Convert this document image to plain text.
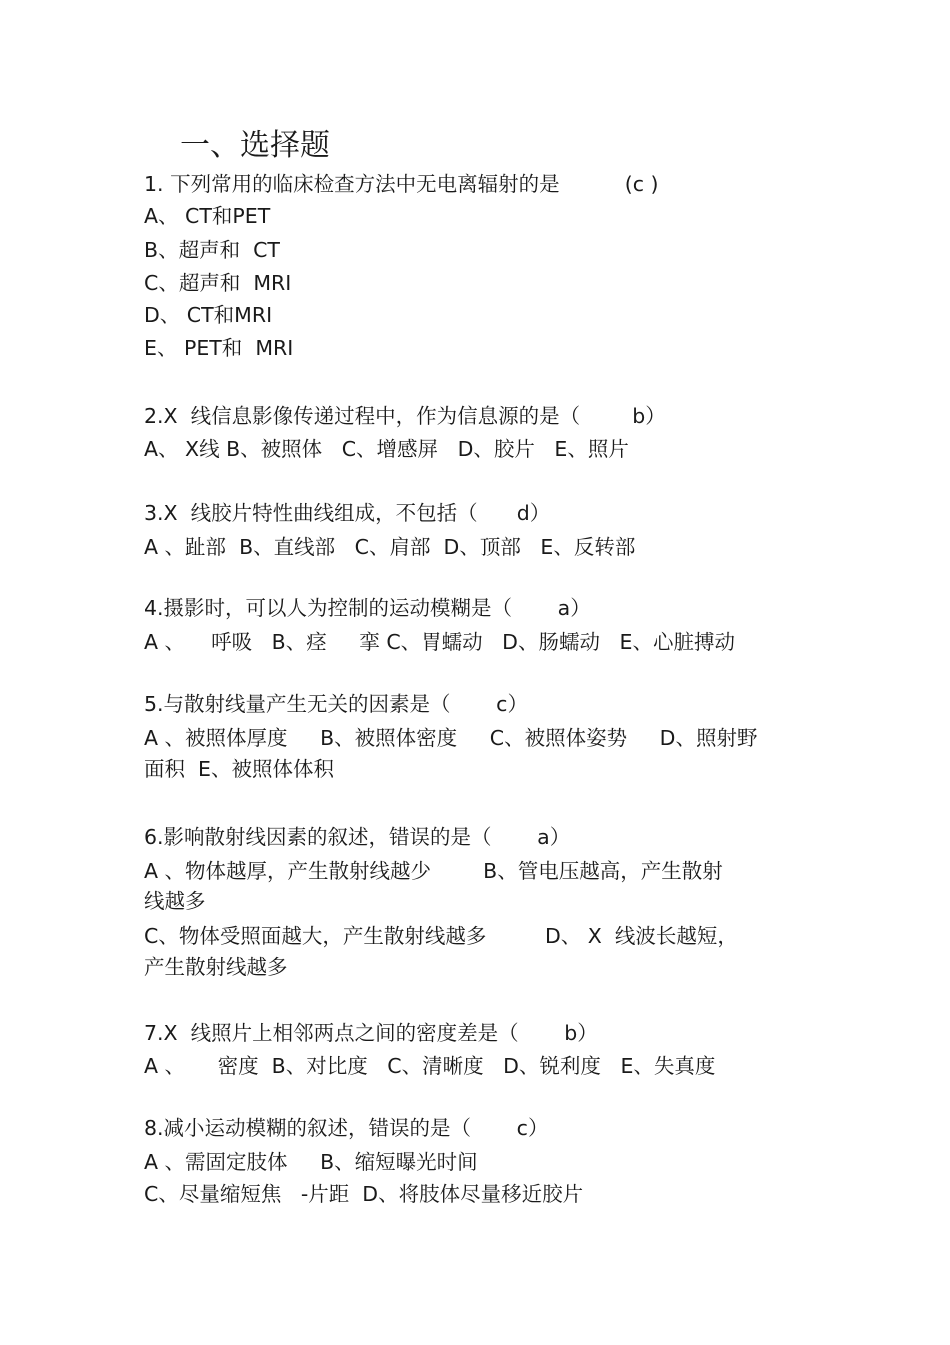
一、选择题
1. 下列常用的临床检查方法中无电离辐射的是          (c )
A、 CT和PET
B、超声和  CT
C、超声和  MRI
D、 CT和MRI
E、 PET和  MRI
2.X  线信息影像传递过程中，作为信息源的是（        b）
A、 X线 B、被照体   C、增感屏   D、胶片   E、照片
3.X  线胶片特性曲线组成，不包括（      d）
A 、趾部  B、直线部   C、肩部  D、顶部   E、反转部
4.摄影时，可以人为控制的运动模糊是（       a）
A 、    呼吸   B、痉     挛 C、胃蠕动   D、肠蠕动   E、心脏搏动
5.与散射线量产生无关的因素是（       c）
A 、被照体厚度     B、被照体密度     C、被照体姿势     D、照射野
面积  E、被照体体积
6.影响散射线因素的叙述，错误的是（       a）
A 、物体越厚，产生散射线越少        B、管电压越高，产生散射
线越多
C、物体受照面越大，产生散射线越多         D、 X  线波长越短，
产生散射线越多
7.X  线照片上相邻两点之间的密度差是（       b）
A 、     密度  B、对比度   C、清晰度   D、锐利度   E、失真度
8.减小运动模糊的叙述，错误的是（       c）
A 、需固定肢体     B、缩短曝光时间
C、尽量缩短焦   -片距  D、将肢体尽量移近胶片
